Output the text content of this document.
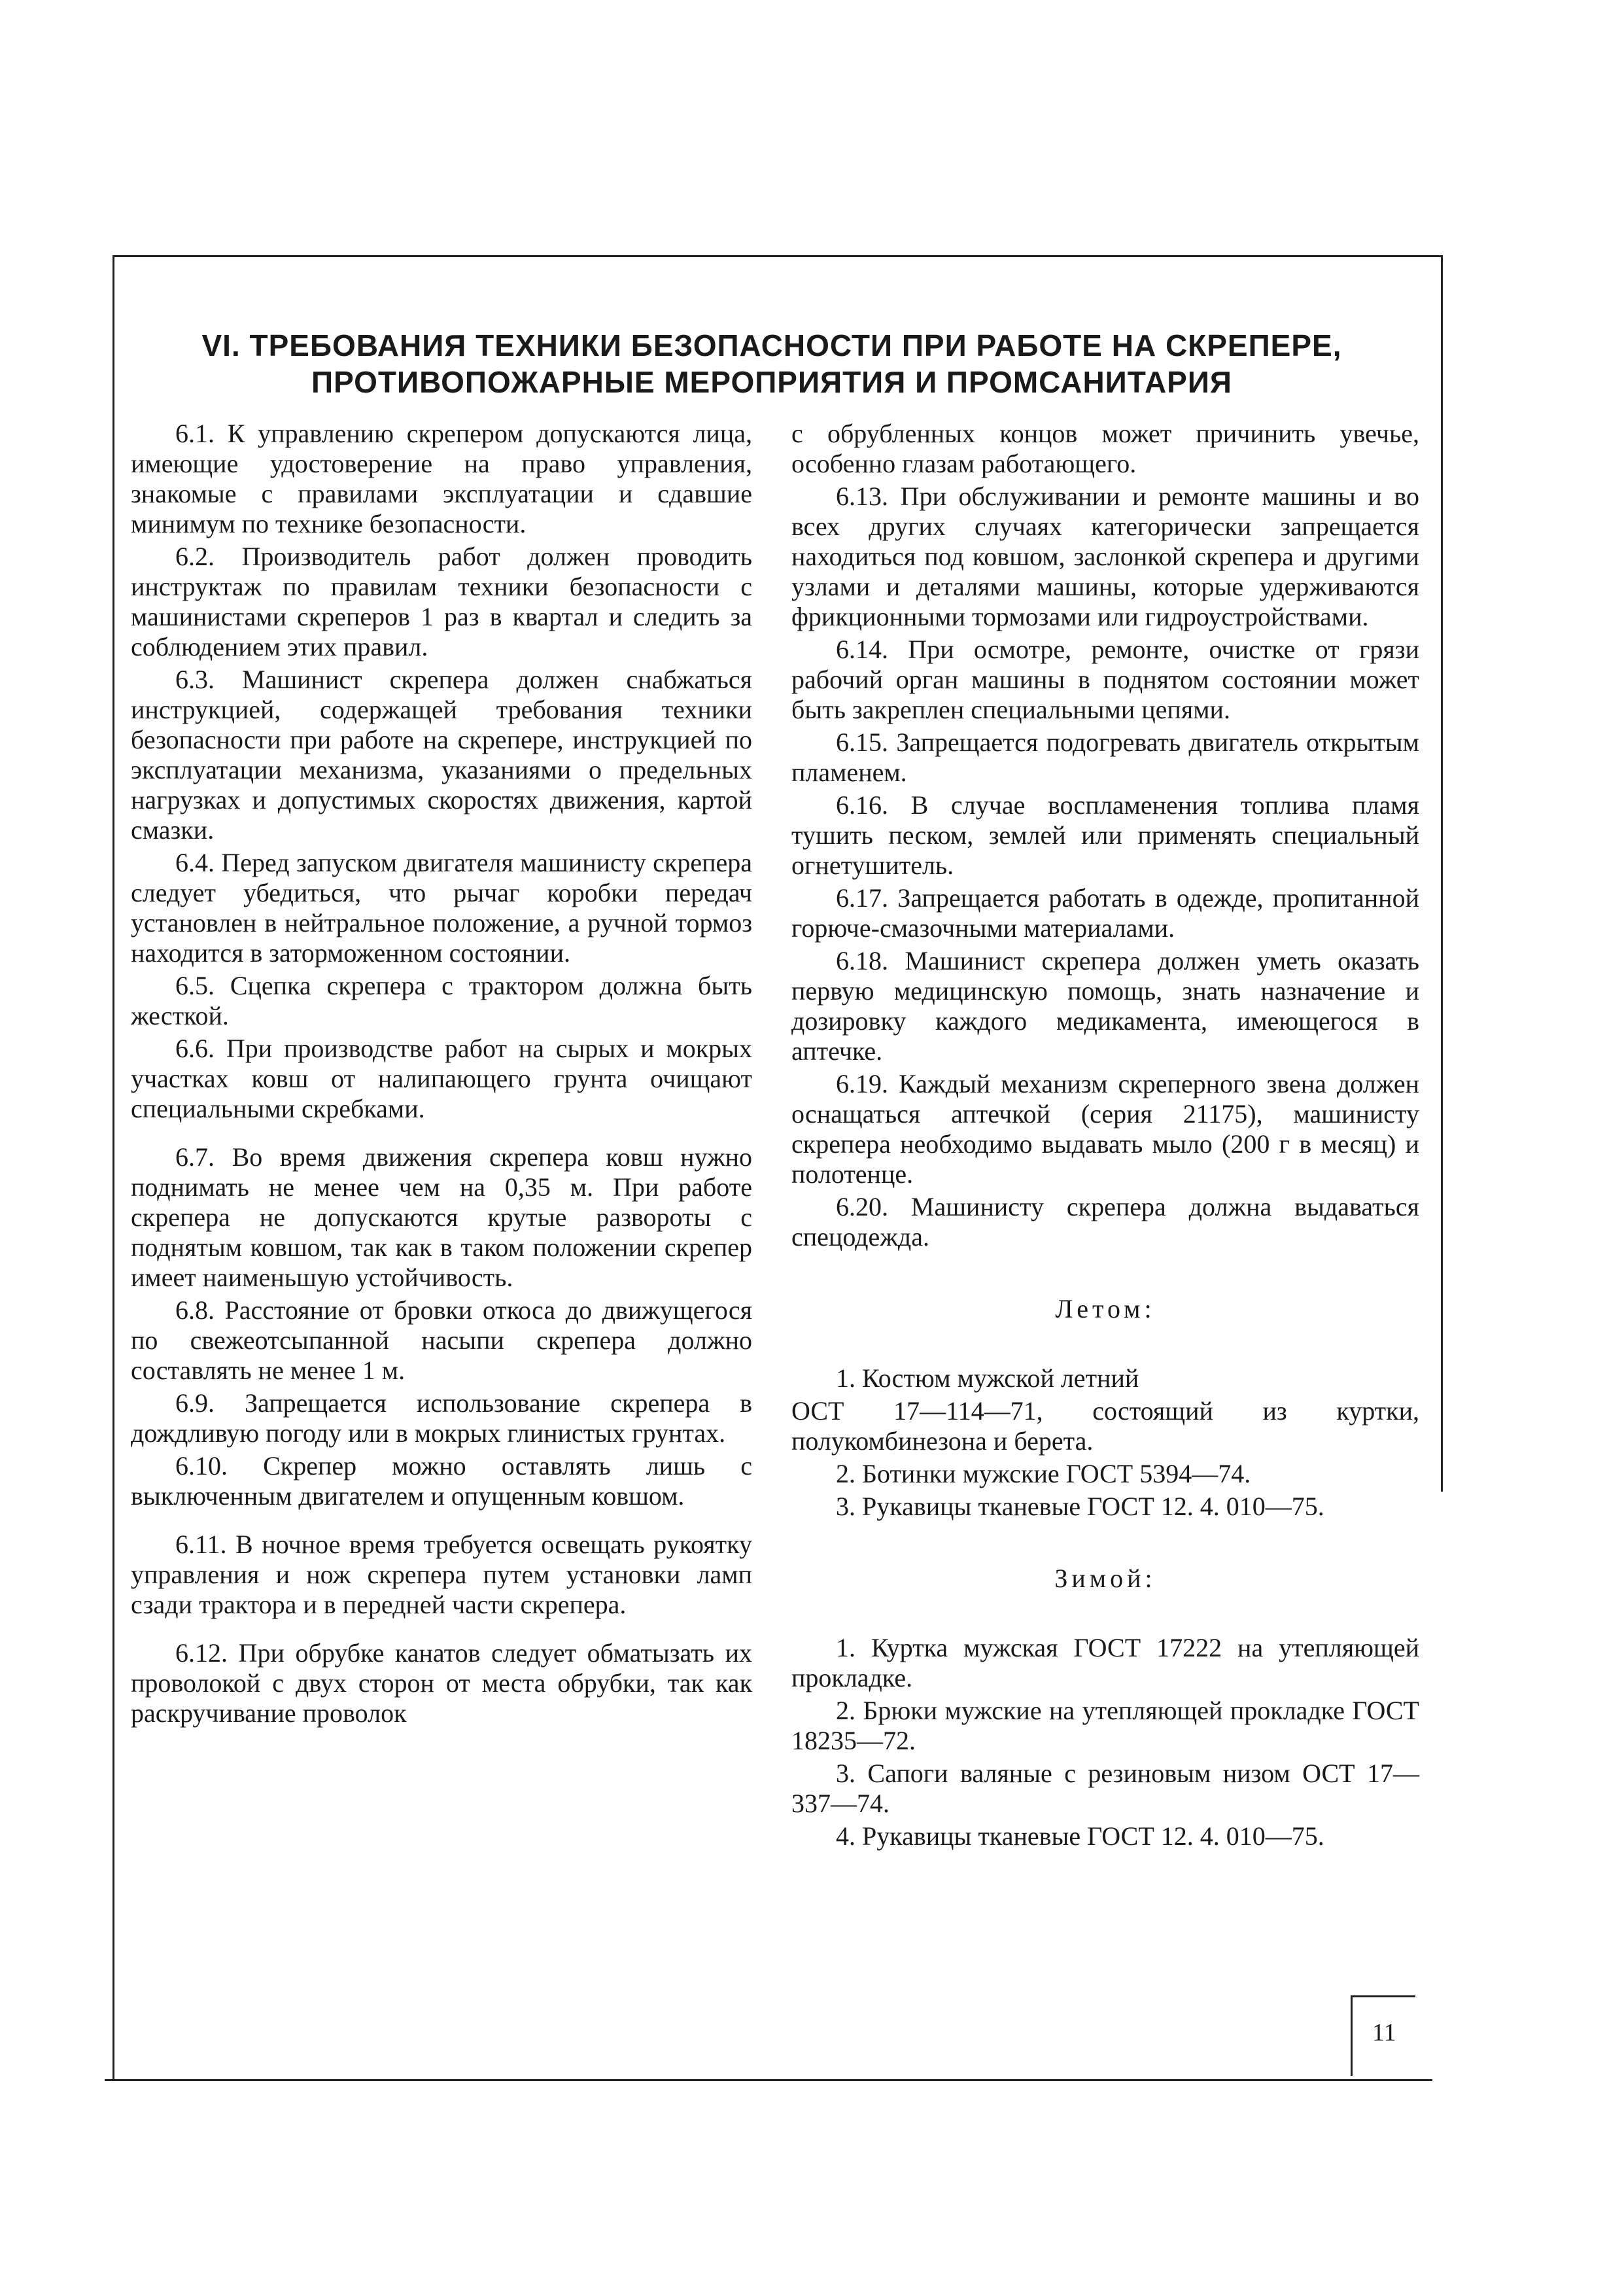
VI. ТРЕБОВАНИЯ ТЕХНИКИ БЕЗОПАСНОСТИ ПРИ РАБОТЕ НА СКРЕПЕРЕ,
ПРОТИВОПОЖАРНЫЕ МЕРОПРИЯТИЯ И ПРОМСАНИТАРИЯ

6.1. К управлению скрепером допускаются лица, имеющие удостоверение на право управления, знакомые с правилами эксплуатации и сдавшие минимум по технике безопасности.

6.2. Производитель работ должен проводить инструктаж по правилам техники безопасности с машинистами скреперов 1 раз в квартал и следить за соблюдением этих правил.

6.3. Машинист скрепера должен снабжаться инструкцией, содержащей требования техники безопасности при работе на скрепере, инструкцией по эксплуатации механизма, указаниями о предельных нагрузках и допустимых скоростях движения, картой смазки.

6.4. Перед запуском двигателя машинисту скрепера следует убедиться, что рычаг коробки передач установлен в нейтральное положение, а ручной тормоз находится в заторможенном состоянии.

6.5. Сцепка скрепера с трактором должна быть жесткой.

6.6. При производстве работ на сырых и мокрых участках ковш от налипающего грунта очищают специальными скребками.

6.7. Во время движения скрепера ковш нужно поднимать не менее чем на 0,35 м. При работе скрепера не допускаются крутые развороты с поднятым ковшом, так как в таком положении скрепер имеет наименьшую устойчивость.

6.8. Расстояние от бровки откоса до движущегося по свежеотсыпанной насыпи скрепера должно составлять не менее 1 м.

6.9. Запрещается использование скрепера в дождливую погоду или в мокрых глинистых грунтах.

6.10. Скрепер можно оставлять лишь с выключенным двигателем и опущенным ковшом.

6.11. В ночное время требуется освещать рукоятку управления и нож скрепера путем установки ламп сзади трактора и в передней части скрепера.

6.12. При обрубке канатов следует обматызать их проволокой с двух сторон от места обрубки, так как раскручивание проволок

с обрубленных концов может причинить увечье, особенно глазам работающего.

6.13. При обслуживании и ремонте машины и во всех других случаях категорически запрещается находиться под ковшом, заслонкой скрепера и другими узлами и деталями машины, которые удерживаются фрикционными тормозами или гидроустройствами.

6.14. При осмотре, ремонте, очистке от грязи рабочий орган машины в поднятом состоянии может быть закреплен специальными цепями.

6.15. Запрещается подогревать двигатель открытым пламенем.

6.16. В случае воспламенения топлива пламя тушить песком, землей или применять специальный огнетушитель.

6.17. Запрещается работать в одежде, пропитанной горюче-смазочными материалами.

6.18. Машинист скрепера должен уметь оказать первую медицинскую помощь, знать назначение и дозировку каждого медикамента, имеющегося в аптечке.

6.19. Каждый механизм скреперного звена должен оснащаться аптечкой (серия 21175), машинисту скрепера необходимо выдавать мыло (200 г в месяц) и полотенце.

6.20. Машинисту скрепера должна выдаваться спецодежда.

Летом:

1. Костюм мужской летний

ОСТ 17—114—71, состоящий из куртки, полукомбинезона и берета.

2. Ботинки мужские ГОСТ 5394—74.

3. Рукавицы тканевые ГОСТ 12. 4. 010—75.

Зимой:

1. Куртка мужская ГОСТ 17222 на утепляющей прокладке.

2. Брюки мужские на утепляющей прокладке ГОСТ 18235—72.

3. Сапоги валяные с резиновым низом ОСТ 17—337—74.

4. Рукавицы тканевые ГОСТ 12. 4. 010—75.

11
